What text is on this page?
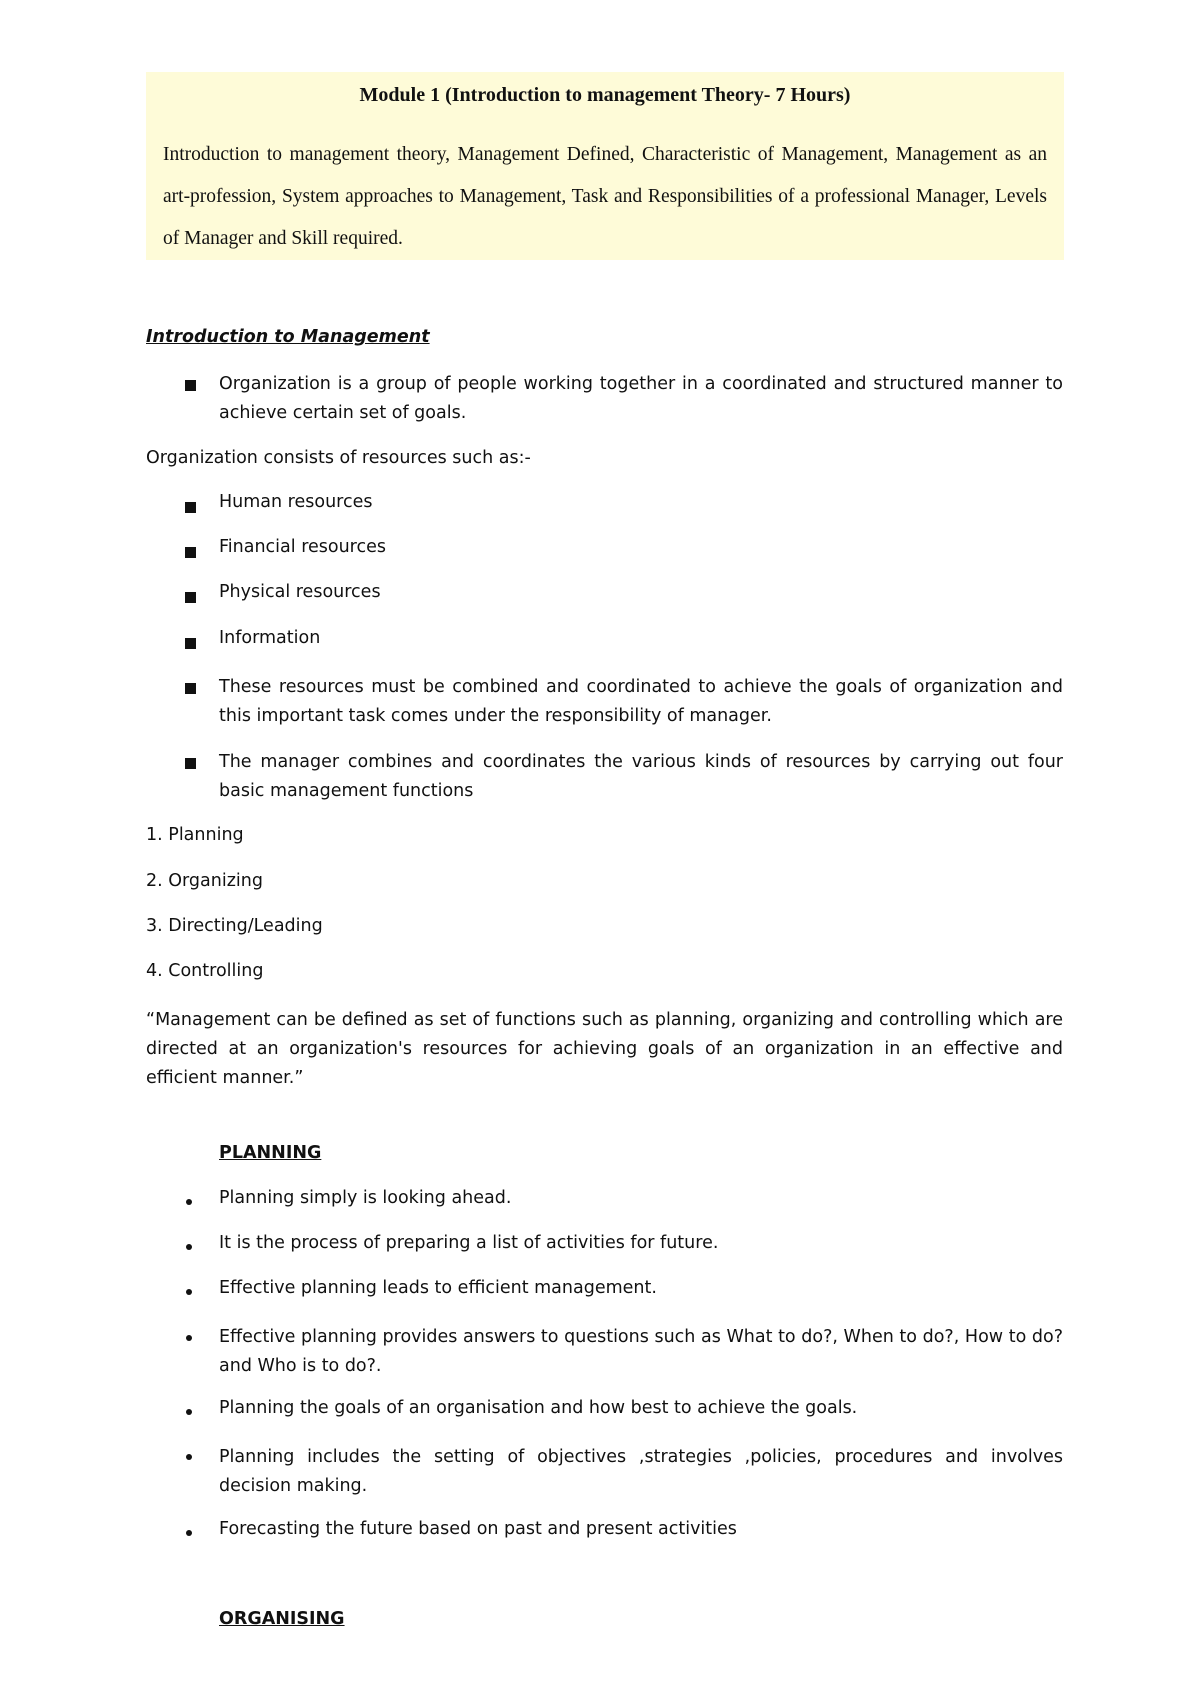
Module 1 (Introduction to management Theory- 7 Hours)
Introduction to management theory, Management Defined, Characteristic of Management, Management as an art-profession, System approaches to Management, Task and Responsibilities of a professional Manager, Levels of Manager and Skill required.
Introduction to Management
Organization is a group of people working together in a coordinated and structured manner to achieve certain set of goals.
Organization consists of resources such as:-
Human resources
Financial resources
Physical resources
Information
These resources must be combined and coordinated to achieve the goals of organization and this important task comes under the responsibility of manager.
The manager combines and coordinates the various kinds of resources by carrying out four basic management functions
1. Planning
2. Organizing
3. Directing/Leading
4. Controlling
“Management can be defined as set of functions such as planning, organizing and controlling which are directed at an organization's resources for achieving goals of an organization in an effective and efficient manner.”
PLANNING
Planning simply is looking ahead.
It is the process of preparing a list of activities for future.
Effective planning leads to efficient management.
Effective planning provides answers to questions such as What to do?, When to do?, How to do? and Who is to do?.
Planning the goals of an organisation and how best to achieve the goals.
Planning includes the setting of objectives ,strategies ,policies, procedures and involves decision making.
Forecasting the future based on past and present activities
ORGANISING
